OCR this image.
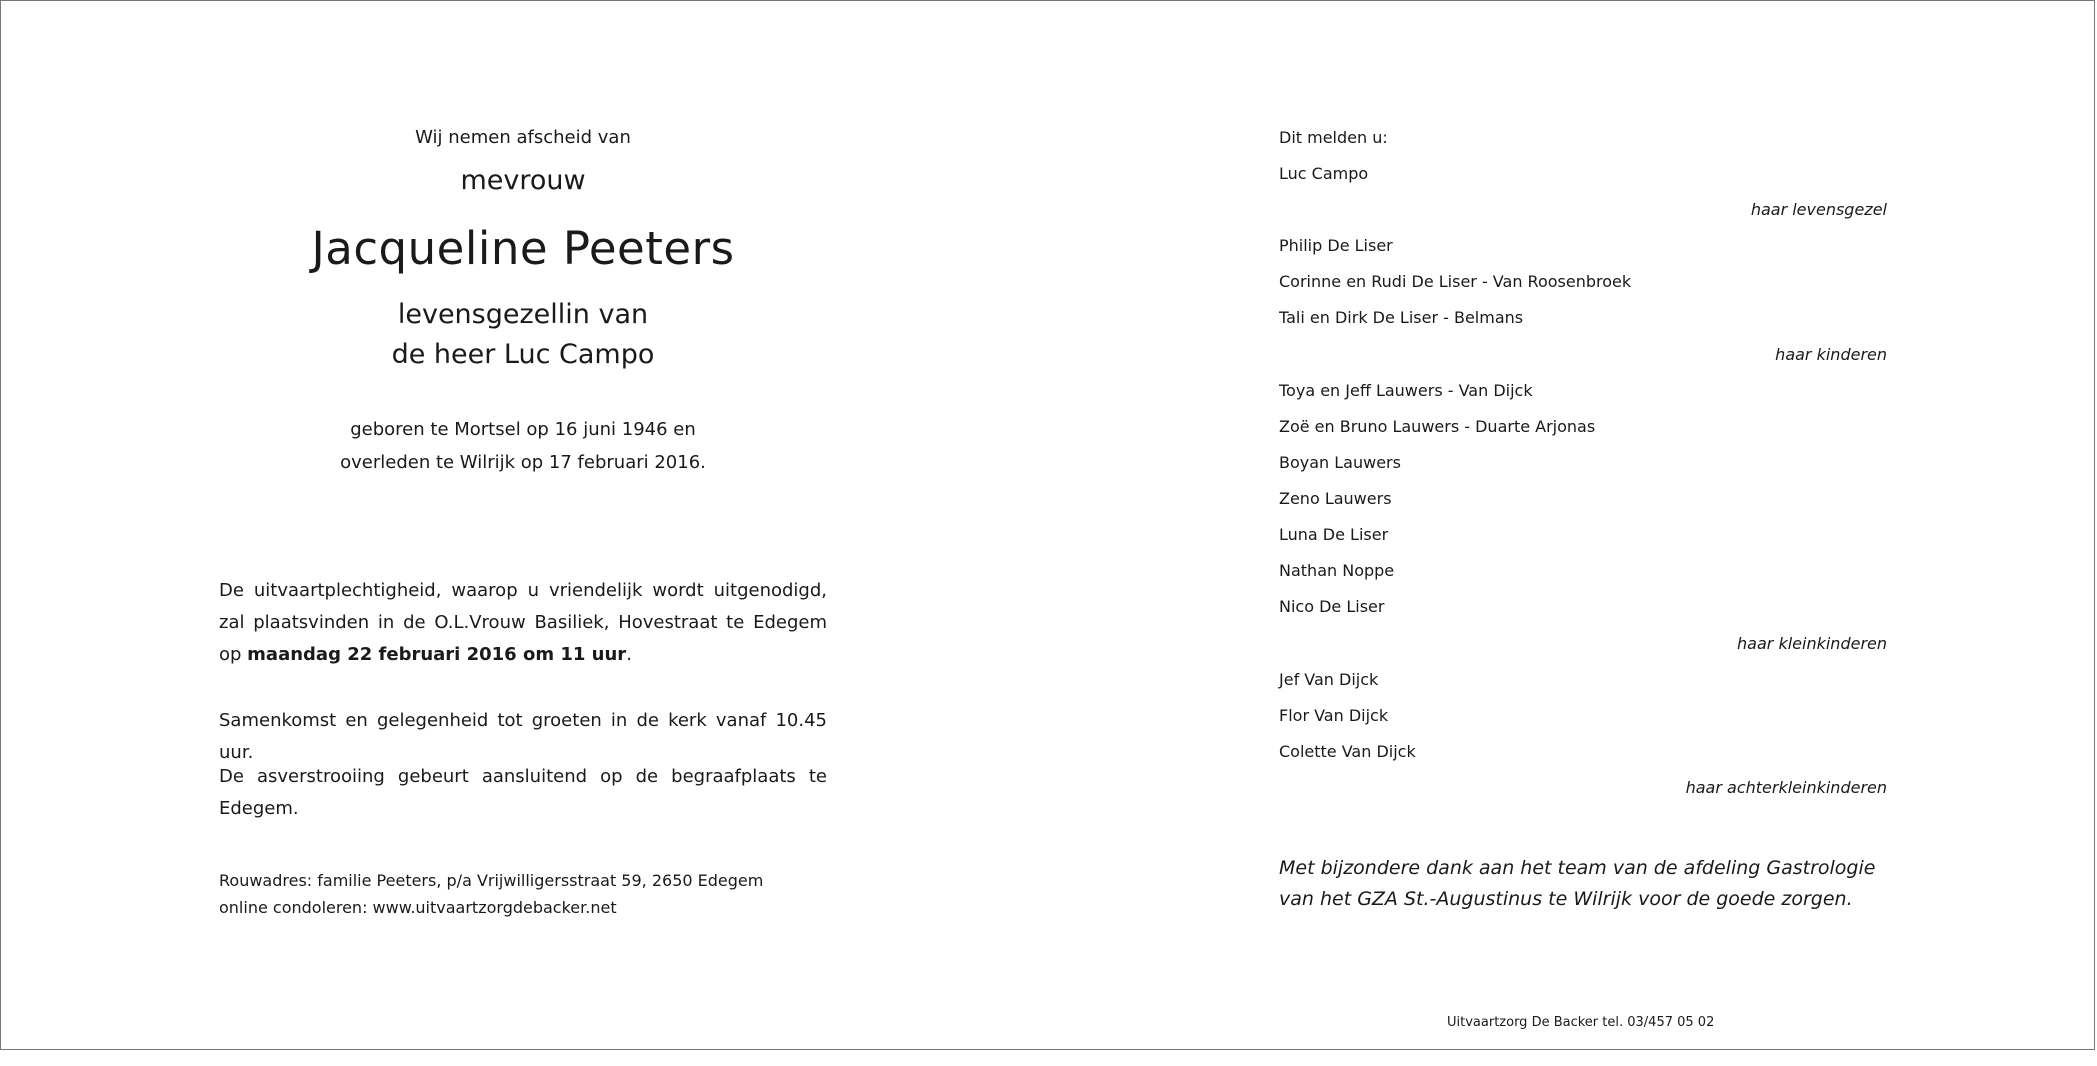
Wij nemen afscheid van
mevrouw
Jacqueline Peeters
levensgezellin van
de heer Luc Campo
geboren te Mortsel op 16 juni 1946 en
overleden te Wilrijk op 17 februari 2016.
De uitvaartplechtigheid, waarop u vriendelijk wordt uitgenodigd, zal plaatsvinden in de O.L.Vrouw Basiliek, Hovestraat te Edegem op maandag 22 februari 2016 om 11 uur.
Samenkomst en gelegenheid tot groeten in de kerk vanaf 10.45 uur.
De asverstrooiing gebeurt aansluitend op de begraafplaats te Edegem.
Rouwadres: familie Peeters, p/a Vrijwilligersstraat 59, 2650 Edegem
online condoleren: www.uitvaartzorgdebacker.net
Dit melden u:
Luc Campo
haar levensgezel
Philip De Liser
Corinne en Rudi De Liser - Van Roosenbroek
Tali en Dirk De Liser - Belmans
haar kinderen
Toya en Jeff Lauwers - Van Dijck
Zoë en Bruno Lauwers - Duarte Arjonas
Boyan Lauwers
Zeno Lauwers
Luna De Liser
Nathan Noppe
Nico De Liser
haar kleinkinderen
Jef Van Dijck
Flor Van Dijck
Colette Van Dijck
haar achterkleinkinderen
Met bijzondere dank aan het team van de afdeling Gastrologie van het GZA St.-Augustinus te Wilrijk voor de goede zorgen.
Uitvaartzorg De Backer tel. 03/457 05 02
